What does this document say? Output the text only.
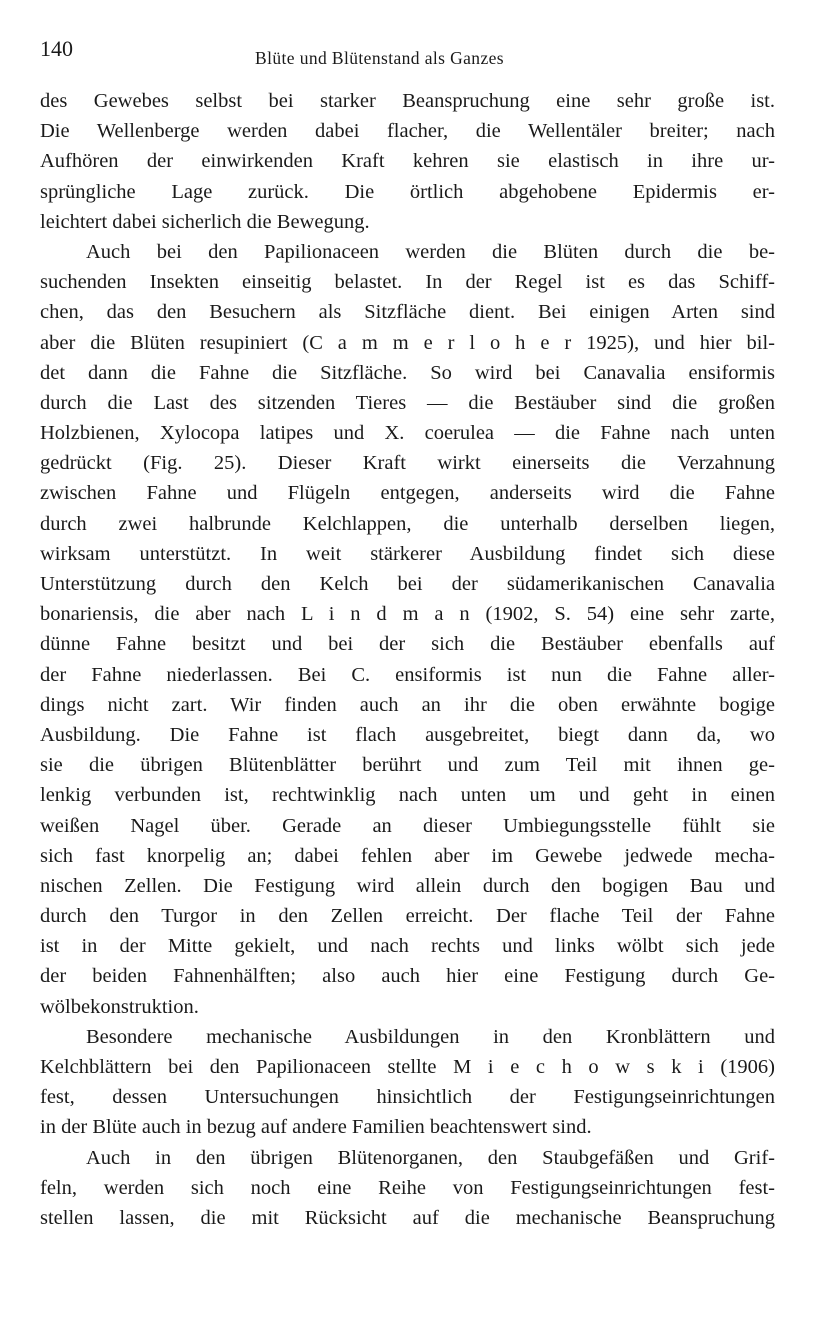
140	Blüte und Blütenstand als Ganzes
des Gewebes selbst bei starker Beanspruchung eine sehr große ist.
Die Wellenberge werden dabei flacher, die Wellentäler breiter; nach
Aufhören der einwirkenden Kraft kehren sie elastisch in ihre ur-
sprüngliche Lage zurück. Die örtlich abgehobene Epidermis er-
leichtert dabei sicherlich die Bewegung.
Auch bei den Papilionaceen werden die Blüten durch die be-
suchenden Insekten einseitig belastet. In der Regel ist es das Schiff-
chen, das den Besuchern als Sitzfläche dient. Bei einigen Arten sind
aber die Blüten resupiniert (C a m m e r l o h e r 1925), und hier bil-
det dann die Fahne die Sitzfläche. So wird bei Canavalia ensiformis
durch die Last des sitzenden Tieres — die Bestäuber sind die großen
Holzbienen, Xylocopa latipes und X. coerulea — die Fahne nach unten
gedrückt (Fig. 25). Dieser Kraft wirkt einerseits die Verzahnung
zwischen Fahne und Flügeln entgegen, anderseits wird die Fahne
durch zwei halbrunde Kelchlappen, die unterhalb derselben liegen,
wirksam unterstützt. In weit stärkerer Ausbildung findet sich diese
Unterstützung durch den Kelch bei der südamerikanischen Canavalia
bonariensis, die aber nach L i n d m a n (1902, S. 54) eine sehr zarte,
dünne Fahne besitzt und bei der sich die Bestäuber ebenfalls auf
der Fahne niederlassen. Bei C. ensiformis ist nun die Fahne aller-
dings nicht zart. Wir finden auch an ihr die oben erwähnte bogige
Ausbildung. Die Fahne ist flach ausgebreitet, biegt dann da, wo
sie die übrigen Blütenblätter berührt und zum Teil mit ihnen ge-
lenkig verbunden ist, rechtwinklig nach unten um und geht in einen
weißen Nagel über. Gerade an dieser Umbiegungsstelle fühlt sie
sich fast knorpelig an; dabei fehlen aber im Gewebe jedwede mecha-
nischen Zellen. Die Festigung wird allein durch den bogigen Bau und
durch den Turgor in den Zellen erreicht. Der flache Teil der Fahne
ist in der Mitte gekielt, und nach rechts und links wölbt sich jede
der beiden Fahnenhälften; also auch hier eine Festigung durch Ge-
wölbekonstruktion.
Besondere mechanische Ausbildungen in den Kronblättern und
Kelchblättern bei den Papilionaceen stellte M i e c h o w s k i (1906)
fest, dessen Untersuchungen hinsichtlich der Festigungseinrichtungen
in der Blüte auch in bezug auf andere Familien beachtenswert sind.
Auch in den übrigen Blütenorganen, den Staubgefäßen und Grif-
feln, werden sich noch eine Reihe von Festigungseinrichtungen fest-
stellen lassen, die mit Rücksicht auf die mechanische Beanspruchung
